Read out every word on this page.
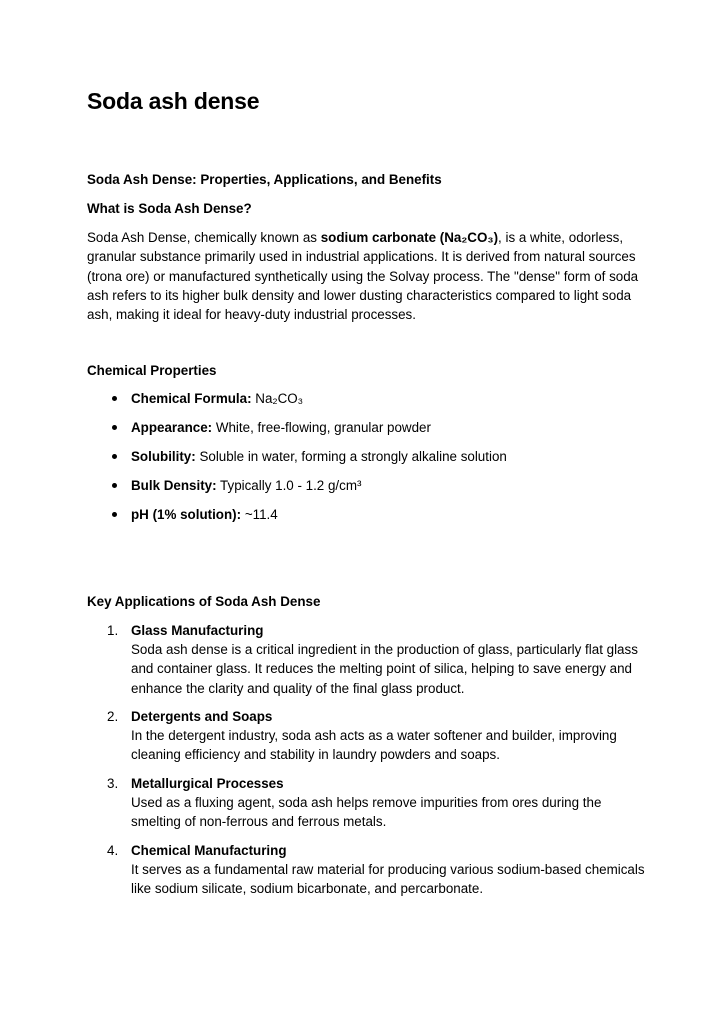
Soda ash dense

Soda Ash Dense: Properties, Applications, and Benefits

What is Soda Ash Dense?

Soda Ash Dense, chemically known as sodium carbonate (Na₂CO₃), is a white, odorless, granular substance primarily used in industrial applications. It is derived from natural sources (trona ore) or manufactured synthetically using the Solvay process. The "dense" form of soda ash refers to its higher bulk density and lower dusting characteristics compared to light soda ash, making it ideal for heavy-duty industrial processes.

Chemical Properties

Chemical Formula: Na₂CO₃
Appearance: White, free-flowing, granular powder
Solubility: Soluble in water, forming a strongly alkaline solution
Bulk Density: Typically 1.0 - 1.2 g/cm³
pH (1% solution): ~11.4

Key Applications of Soda Ash Dense

1. Glass Manufacturing
Soda ash dense is a critical ingredient in the production of glass, particularly flat glass and container glass. It reduces the melting point of silica, helping to save energy and enhance the clarity and quality of the final glass product.
2. Detergents and Soaps
In the detergent industry, soda ash acts as a water softener and builder, improving cleaning efficiency and stability in laundry powders and soaps.
3. Metallurgical Processes
Used as a fluxing agent, soda ash helps remove impurities from ores during the smelting of non-ferrous and ferrous metals.
4. Chemical Manufacturing
It serves as a fundamental raw material for producing various sodium-based chemicals like sodium silicate, sodium bicarbonate, and percarbonate.
